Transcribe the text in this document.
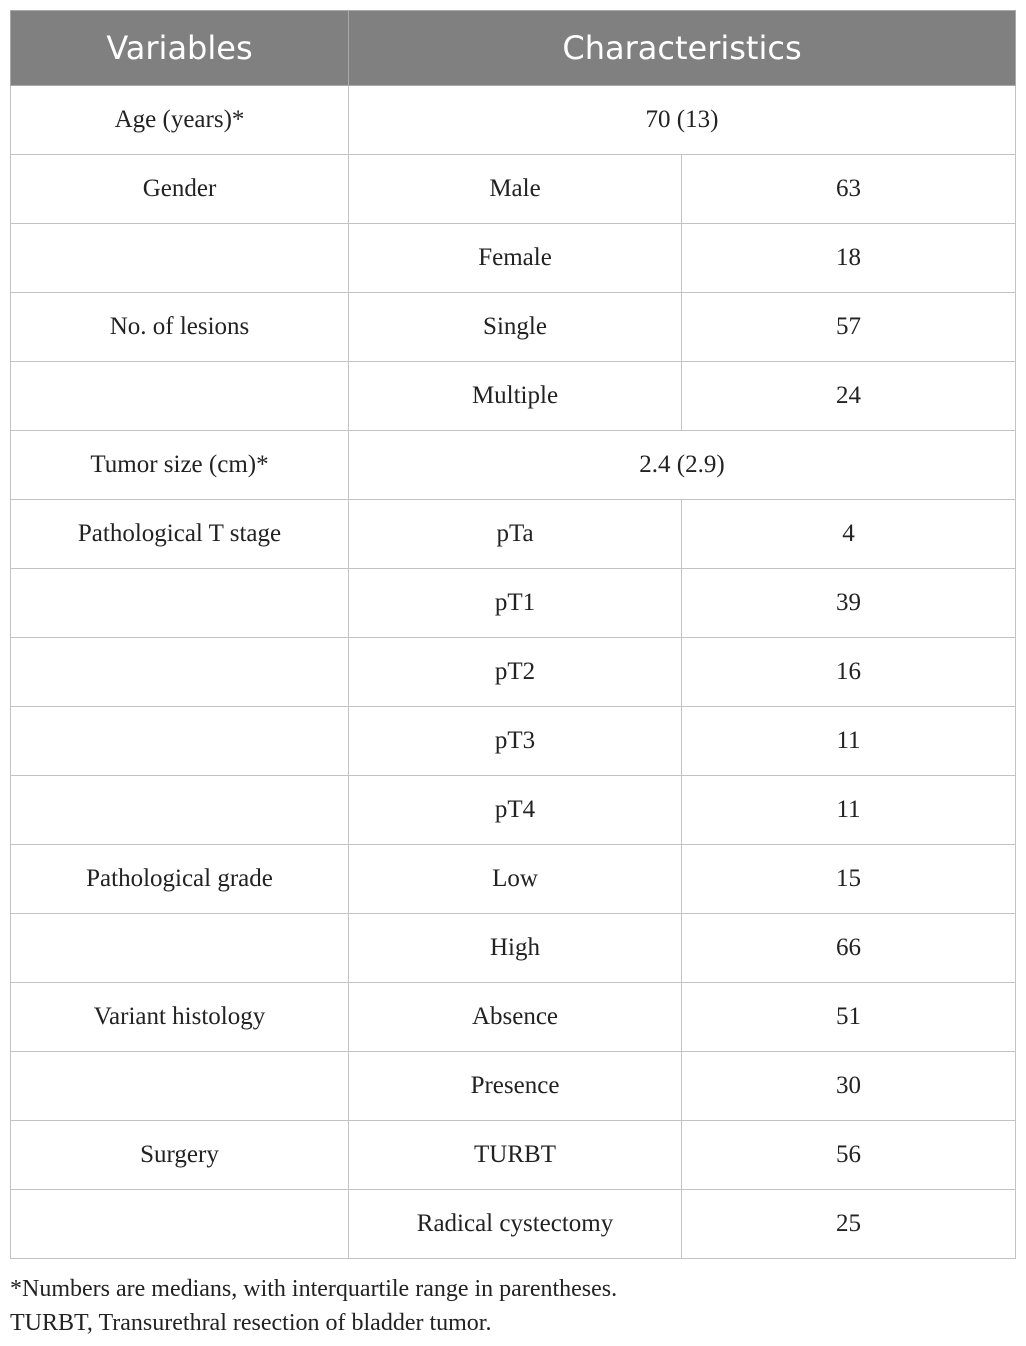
Variables	Characteristics	
Age (years)*	70 (13)	
Gender	Male	63
	Female	18
No. of lesions	Single	57
	Multiple	24
Tumor size (cm)*	2.4 (2.9)	
Pathological T stage	pTa	4
	pT1	39
	pT2	16
	pT3	11
	pT4	11
Pathological grade	Low	15
	High	66
Variant histology	Absence	51
	Presence	30
Surgery	TURBT	56
	Radical cystectomy	25

*Numbers are medians, with interquartile range in parentheses.

TURBT, Transurethral resection of bladder tumor.
